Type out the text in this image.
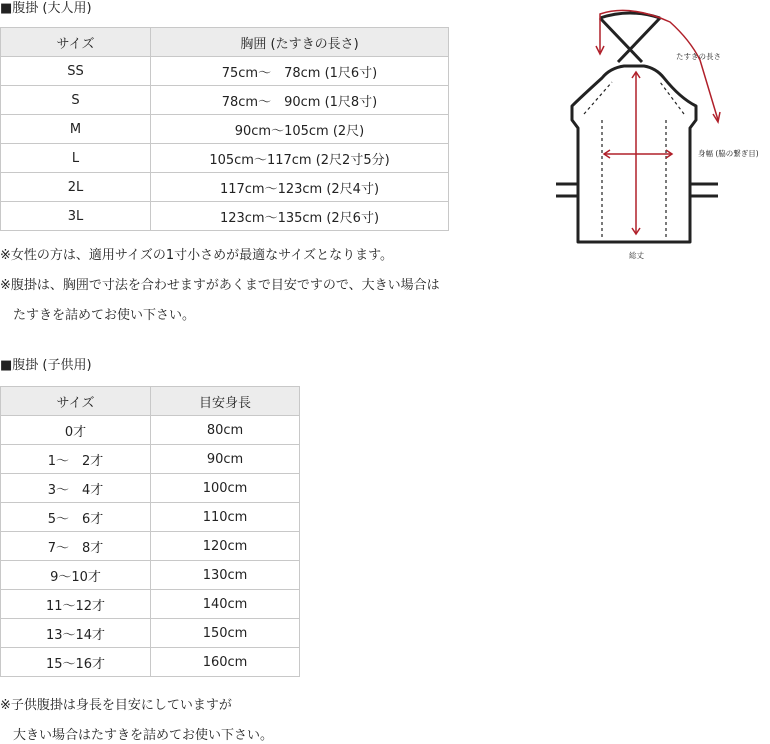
■腹掛 (大人用)
サイズ	胸囲 (たすきの長さ)
SS	75cm～　78cm (1尺6寸)
S	78cm～　90cm (1尺8寸)
M	90cm～105cm (2尺)
L	105cm～117cm (2尺2寸5分)
2L	117cm～123cm (2尺4寸)
3L	123cm～135cm (2尺6寸)
※女性の方は、適用サイズの1寸小さめが最適なサイズとなります。
※腹掛は、胸囲で寸法を合わせますがあくまで目安ですので、大きい場合は
　たすきを詰めてお使い下さい。
■腹掛 (子供用)
サイズ	目安身長
0才	80cm
1～　2才	90cm
3～　4才	100cm
5～　6才	110cm
7～　8才	120cm
9～10才	130cm
11～12才	140cm
13～14才	150cm
15～16才	160cm
※子供腹掛は身長を目安にしていますが
　大きい場合はたすきを詰めてお使い下さい。
たすきの長さ
身幅 (脇の繋ぎ目)
総丈
